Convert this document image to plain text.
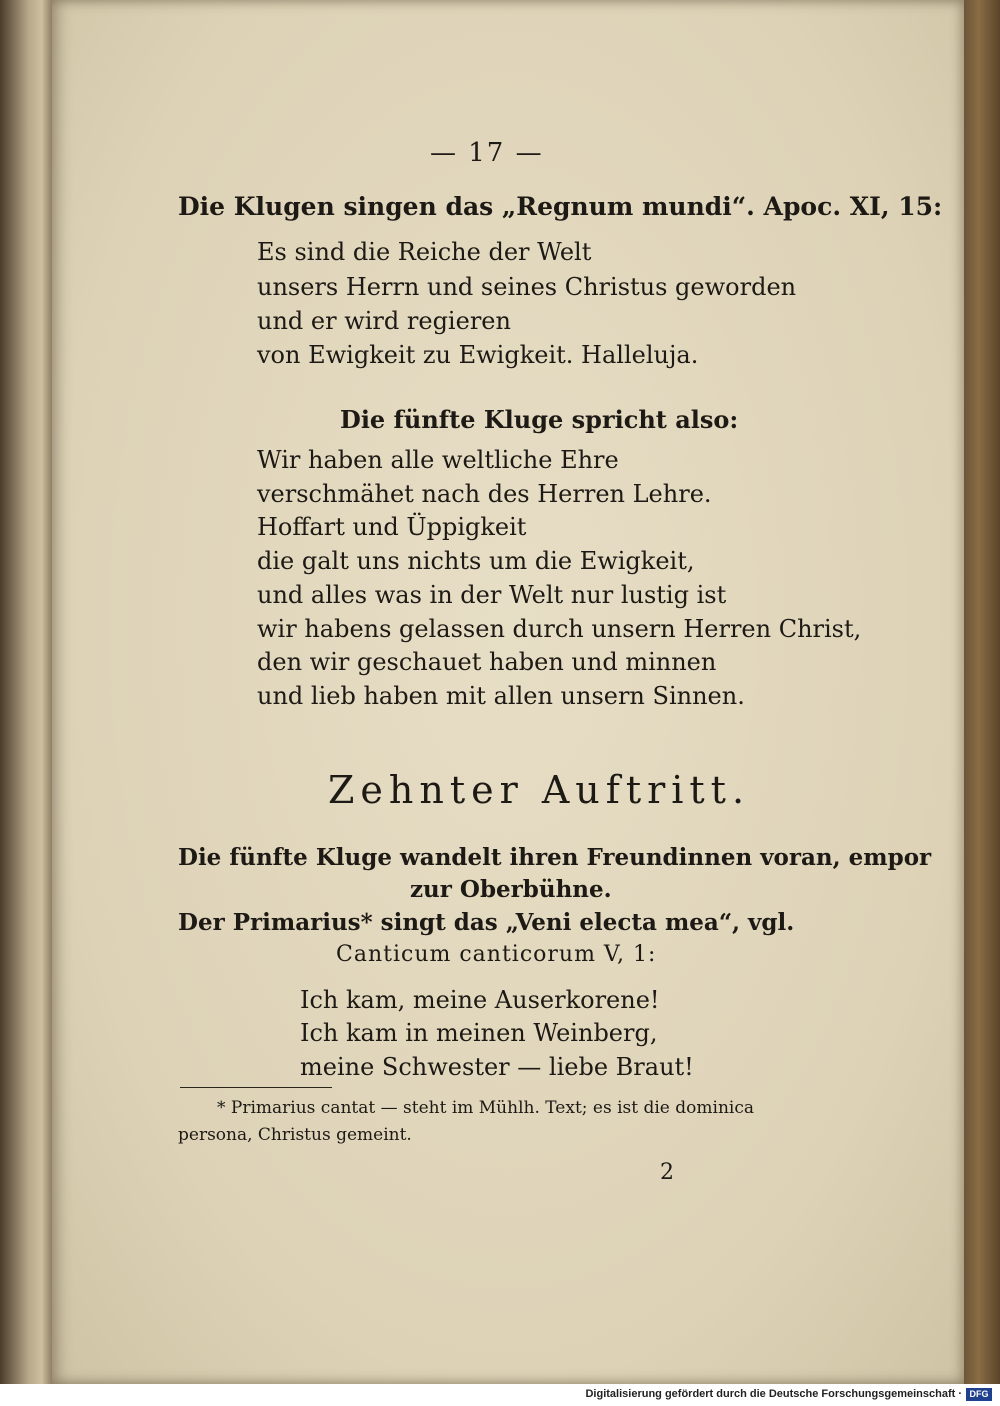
— 17 —
Die Klugen singen das „Regnum mundi“. Apoc. XI, 15:
Es sind die Reiche der Welt
unsers Herrn und seines Christus geworden
und er wird regieren
von Ewigkeit zu Ewigkeit. Halleluja.
Die fünfte Kluge spricht also:
Wir haben alle weltliche Ehre
verschmähet nach des Herren Lehre.
Hoffart und Üppigkeit
die galt uns nichts um die Ewigkeit,
und alles was in der Welt nur lustig ist
wir habens gelassen durch unsern Herren Christ,
den wir geschauet haben und minnen
und lieb haben mit allen unsern Sinnen.
Zehnter Auftritt.
Die fünfte Kluge wandelt ihren Freundinnen voran, empor
zur Oberbühne.
Der Primarius* singt das „Veni electa mea“, vgl.
Canticum canticorum V, 1:
Ich kam, meine Auserkorene!
Ich kam in meinen Weinberg,
meine Schwester — liebe Braut!
* Primarius cantat — steht im Mühlh. Text; es ist die dominica
persona, Christus gemeint.
2
Digitalisierung gefördert durch die Deutsche Forschungsgemeinschaft · DFG
